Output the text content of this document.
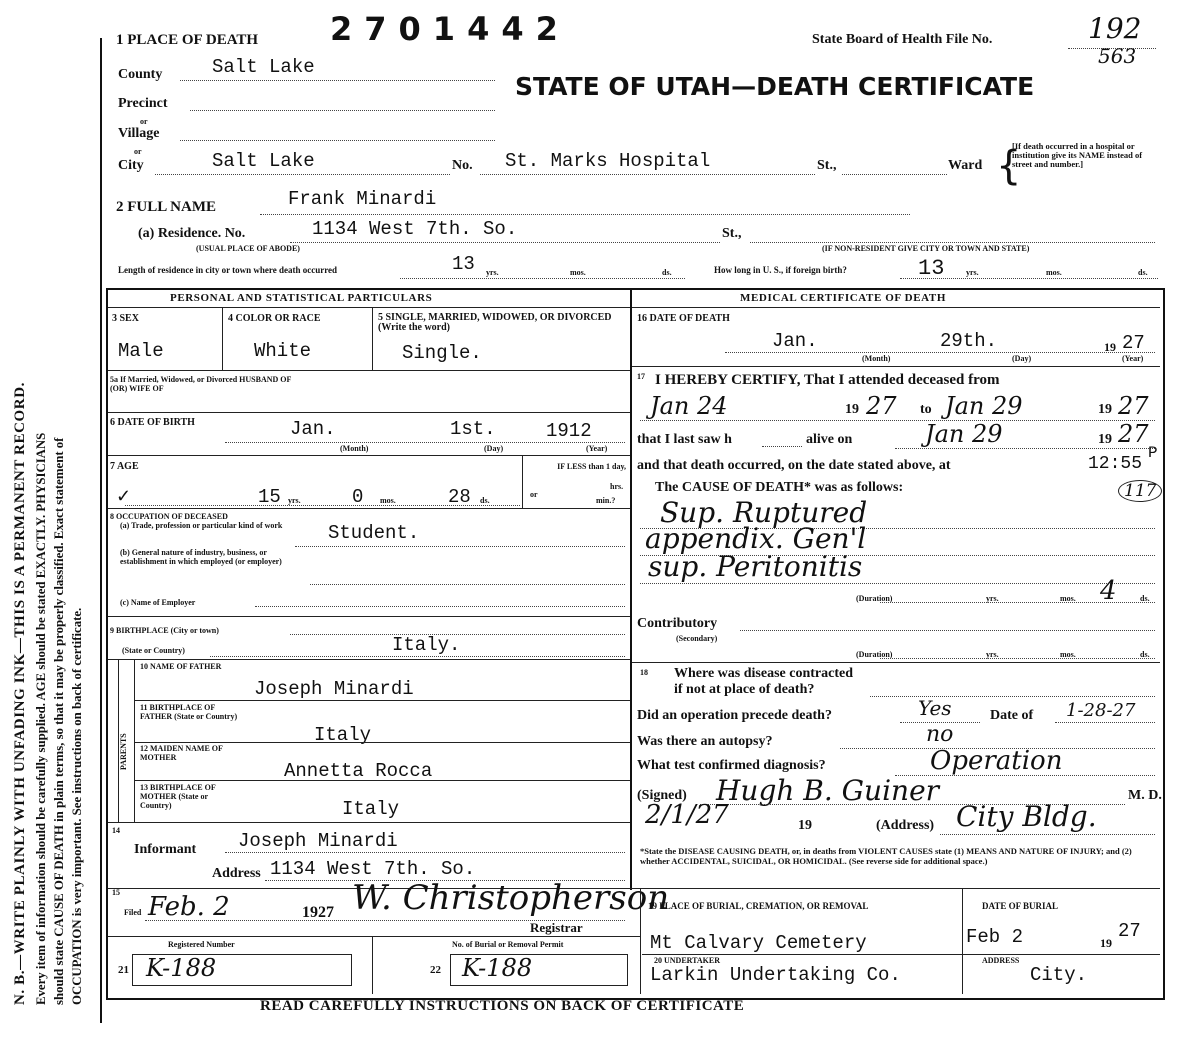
N. B.—WRITE PLAINLY WITH UNFADING INK—THIS IS A PERMANENT RECORD. Every item of information should be carefully supplied. AGE should be stated EXACTLY. PHYSICIANS should state CAUSE OF DEATH in plain terms, so that it may be properly classified. Exact statement of OCCUPATION is very important. See instructions on back of certificate.
1 PLACE OF DEATH 2701442	State Board of Health File No.	192
563
STATE OF UTAH—DEATH CERTIFICATE
County	Salt Lake
Precinct
or
Village
or
City	Salt Lake	No. St. Marks Hospital	St.,	Ward {
[If death occurred in a hospital or institution give its NAME instead of street and number.]
2 FULL NAME	Frank Minardi
(a) Residence. No.	1134 West 7th. So.
(USUAL PLACE OF ABODE)
St.,
(IF NON-RESIDENT GIVE CITY OR TOWN AND STATE)
Length of residence in city or town where death occurred	13 yrs.	mos.	ds.	How long in U. S., if foreign birth?	13	yrs.	mos.	ds.
PERSONAL AND STATISTICAL PARTICULARS	MEDICAL CERTIFICATE OF DEATH
3 SEX
Male
4 COLOR OR RACE
White
5 SINGLE, MARRIED, WIDOWED, OR DIVORCED (Write the word)
Single.
5a If Married, Widowed, or Divorced HUSBAND OF (OR) WIFE OF
6 DATE OF BIRTH	Jan.	1st.	1912
(Month)	(Day)	(Year)
7 AGE
✓	15 yrs.	0 mos.	28 ds.
IF LESS than 1 day,
hrs.
or
min.?
8 OCCUPATION OF DECEASED
(a) Trade, profession or particular kind of work	Student.
(b) General nature of industry, business, or establishment in which employed (or employer)
(c) Name of Employer
9 BIRTHPLACE (City or town)
(State or Country)	Italy.
PARENTS
10 NAME OF FATHER
Joseph Minardi
11 BIRTHPLACE OF FATHER (State or Country)
Italy
12 MAIDEN NAME OF MOTHER
Annetta Rocca
13 BIRTHPLACE OF MOTHER (State or Country)	Italy
14
Informant Joseph Minardi
Address 1134 West 7th. So.
16 DATE OF DEATH
Jan.	29th.	19 27
(Month)	(Day)	(Year)
17 I HEREBY CERTIFY, That I attended deceased from
Jan 24	19 27 to Jan 29	19 27
that I last saw h	alive on	Jan 29	19 27
and that death occurred, on the date stated above, at	12:55
P
The CAUSE OF DEATH* was as follows:	117
Sup. Ruptured
appendix. Gen'l
sup. Peritonitis
(Duration)	yrs.	mos. 4	ds.
Contributory
(Secondary)
(Duration)	yrs.	mos.	ds.
18 Where was disease contracted
if not at place of death?
Did an operation precede death?	Yes	Date of 1-28-27
Was there an autopsy?	no
What test confirmed diagnosis?	Operation
(Signed) Hugh B. Guiner	M. D.
2/1/27	19	(Address) City Bldg.
*State the DISEASE CAUSING DEATH, or, in deaths from VIOLENT CAUSES state (1) MEANS AND NATURE OF INJURY; and (2) whether ACCIDENTAL, SUICIDAL, OR HOMICIDAL. (See reverse side for additional space.)
15
Filed Feb. 2	1927 W. Christopherson
Registrar
Registered Number	No. of Burial or Removal Permit
21 K-188	22 K-188
19 PLACE OF BURIAL, CREMATION, OR REMOVAL
Mt Calvary Cemetery
DATE OF BURIAL
Feb 2	19
27
20 UNDERTAKER
Larkin Undertaking Co.
ADDRESS
City.
READ CAREFULLY INSTRUCTIONS ON BACK OF CERTIFICATE
